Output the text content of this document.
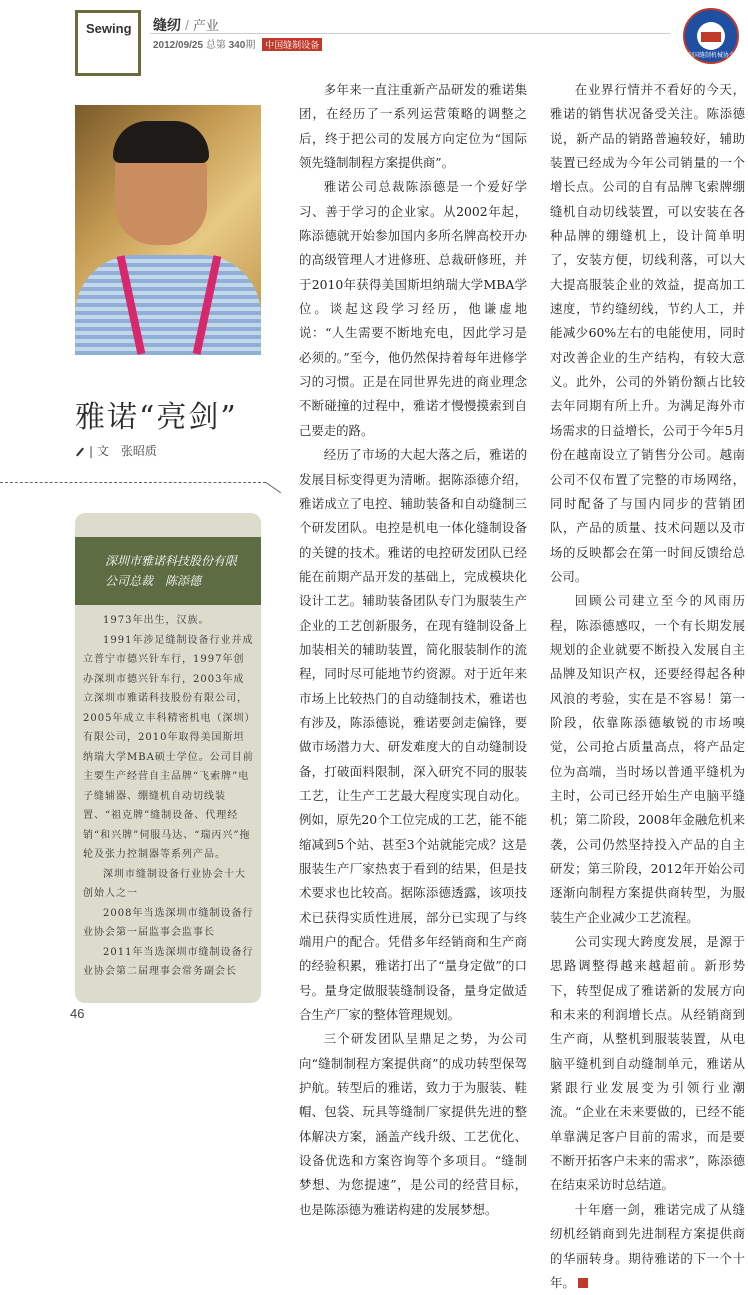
Sewing 缝纫 / 产业
2012/09/25 总第 340期 中国缝制设备
中国缝制机械协会
雅诺“亮剑”
| 文　 张昭质
深圳市雅诺科技股份有限
公司总裁　陈添德

1973年出生，汉族。

1991年涉足缝制设备行业并成立普宁市德兴针车行，1997年创办深圳市德兴针车行，2003年成立深圳市雅诺科技股份有限公司，2005年成立丰科精密机电（深圳）有限公司，2010年取得美国斯坦纳瑞大学MBA硕士学位。公司目前主要生产经营自主品牌“飞索牌”电子缝辅器、绷缝机自动切线装置、“祖克牌”缝制设备、代理经销“和兴牌”伺服马达、“瑞丙兴”拖轮及张力控制器等系列产品。

深圳市缝制设备行业协会十大创始人之一

2008年当选深圳市缝制设备行业协会第一届监事会监事长

2011年当选深圳市缝制设备行业协会第二届理事会常务副会长

多年来一直注重新产品研发的雅诺集团，在经历了一系列运营策略的调整之后，终于把公司的发展方向定位为“国际领先缝制制程方案提供商”。

雅诺公司总裁陈添德是一个爱好学习、善于学习的企业家。从2002年起，陈添德就开始参加国内多所名牌高校开办的高级管理人才进修班、总裁研修班，并于2010年获得美国斯坦纳瑞大学MBA学位。谈起这段学习经历，他谦虚地说：“人生需要不断地充电，因此学习是必须的。”至今，他仍然保持着每年进修学习的习惯。正是在同世界先进的商业理念不断碰撞的过程中，雅诺才慢慢摸索到自己要走的路。

经历了市场的大起大落之后，雅诺的发展目标变得更为清晰。据陈添德介绍，雅诺成立了电控、辅助装备和自动缝制三个研发团队。电控是机电一体化缝制设备的关键的技术。雅诺的电控研发团队已经能在前期产品开发的基础上，完成模块化设计工艺。辅助装备团队专门为服装生产企业的工艺创新服务，在现有缝制设备上加装相关的辅助装置，简化服装制作的流程，同时尽可能地节约资源。对于近年来市场上比较热门的自动缝制技术，雅诺也有涉及，陈添德说，雅诺要剑走偏锋，要做市场潜力大、研发难度大的自动缝制设备，打破面料限制，深入研究不同的服装工艺，让生产工艺最大程度实现自动化。例如，原先20个工位完成的工艺，能不能缩减到5个站、甚至3个站就能完成？这是服装生产厂家热衷于看到的结果，但是技术要求也比较高。据陈添德透露，该项技术已获得实质性进展，部分已实现了与终端用户的配合。凭借多年经销商和生产商的经验积累，雅诺打出了“量身定做”的口号。量身定做服装缝制设备，量身定做适合生产厂家的整体管理规划。

三个研发团队呈鼎足之势，为公司向“缝制制程方案提供商”的成功转型保驾护航。转型后的雅诺，致力于为服装、鞋帽、包袋、玩具等缝制厂家提供先进的整体解决方案，涵盖产线升级、工艺优化、设备优选和方案咨询等个多项目。“缝制梦想、为您提速”，是公司的经营目标，也是陈添德为雅诺构建的发展梦想。

在业界行情并不看好的今天，雅诺的销售状况备受关注。陈添德说，新产品的销路普遍较好，辅助装置已经成为今年公司销量的一个增长点。公司的自有品牌飞索牌绷缝机自动切线装置，可以安装在各种品牌的绷缝机上，设计简单明了，安装方便，切线利落，可以大大提高服装企业的效益，提高加工速度，节约缝纫线，节约人工，并能减少60%左右的电能使用，同时对改善企业的生产结构，有较大意义。此外，公司的外销份额占比较去年同期有所上升。为满足海外市场需求的日益增长，公司于今年5月份在越南设立了销售分公司。越南公司不仅布置了完整的市场网络，同时配备了与国内同步的营销团队，产品的质量、技术问题以及市场的反映都会在第一时间反馈给总公司。

回顾公司建立至今的风雨历程，陈添德感叹，一个有长期发展规划的企业就要不断投入发展自主品牌及知识产权，还要经得起各种风浪的考验，实在是不容易！第一阶段，依靠陈添德敏锐的市场嗅觉，公司抢占质量高点，将产品定位为高端，当时场以普通平缝机为主时，公司已经开始生产电脑平缝机；第二阶段，2008年金融危机来袭，公司仍然坚持投入产品的自主研发；第三阶段，2012年开始公司逐渐向制程方案提供商转型，为服装生产企业减少工艺流程。

公司实现大跨度发展，是源于思路调整得越来越超前。新形势下，转型促成了雅诺新的发展方向和未来的利润增长点。从经销商到生产商，从整机到服装装置，从电脑平缝机到自动缝制单元，雅诺从紧跟行业发展变为引领行业潮流。“企业在未来要做的，已经不能单靠满足客户目前的需求，而是要不断开拓客户未来的需求”，陈添德在结束采访时总结道。

十年磨一剑，雅诺完成了从缝纫机经销商到先进制程方案提供商的华丽转身。期待雅诺的下一个十年。

46
